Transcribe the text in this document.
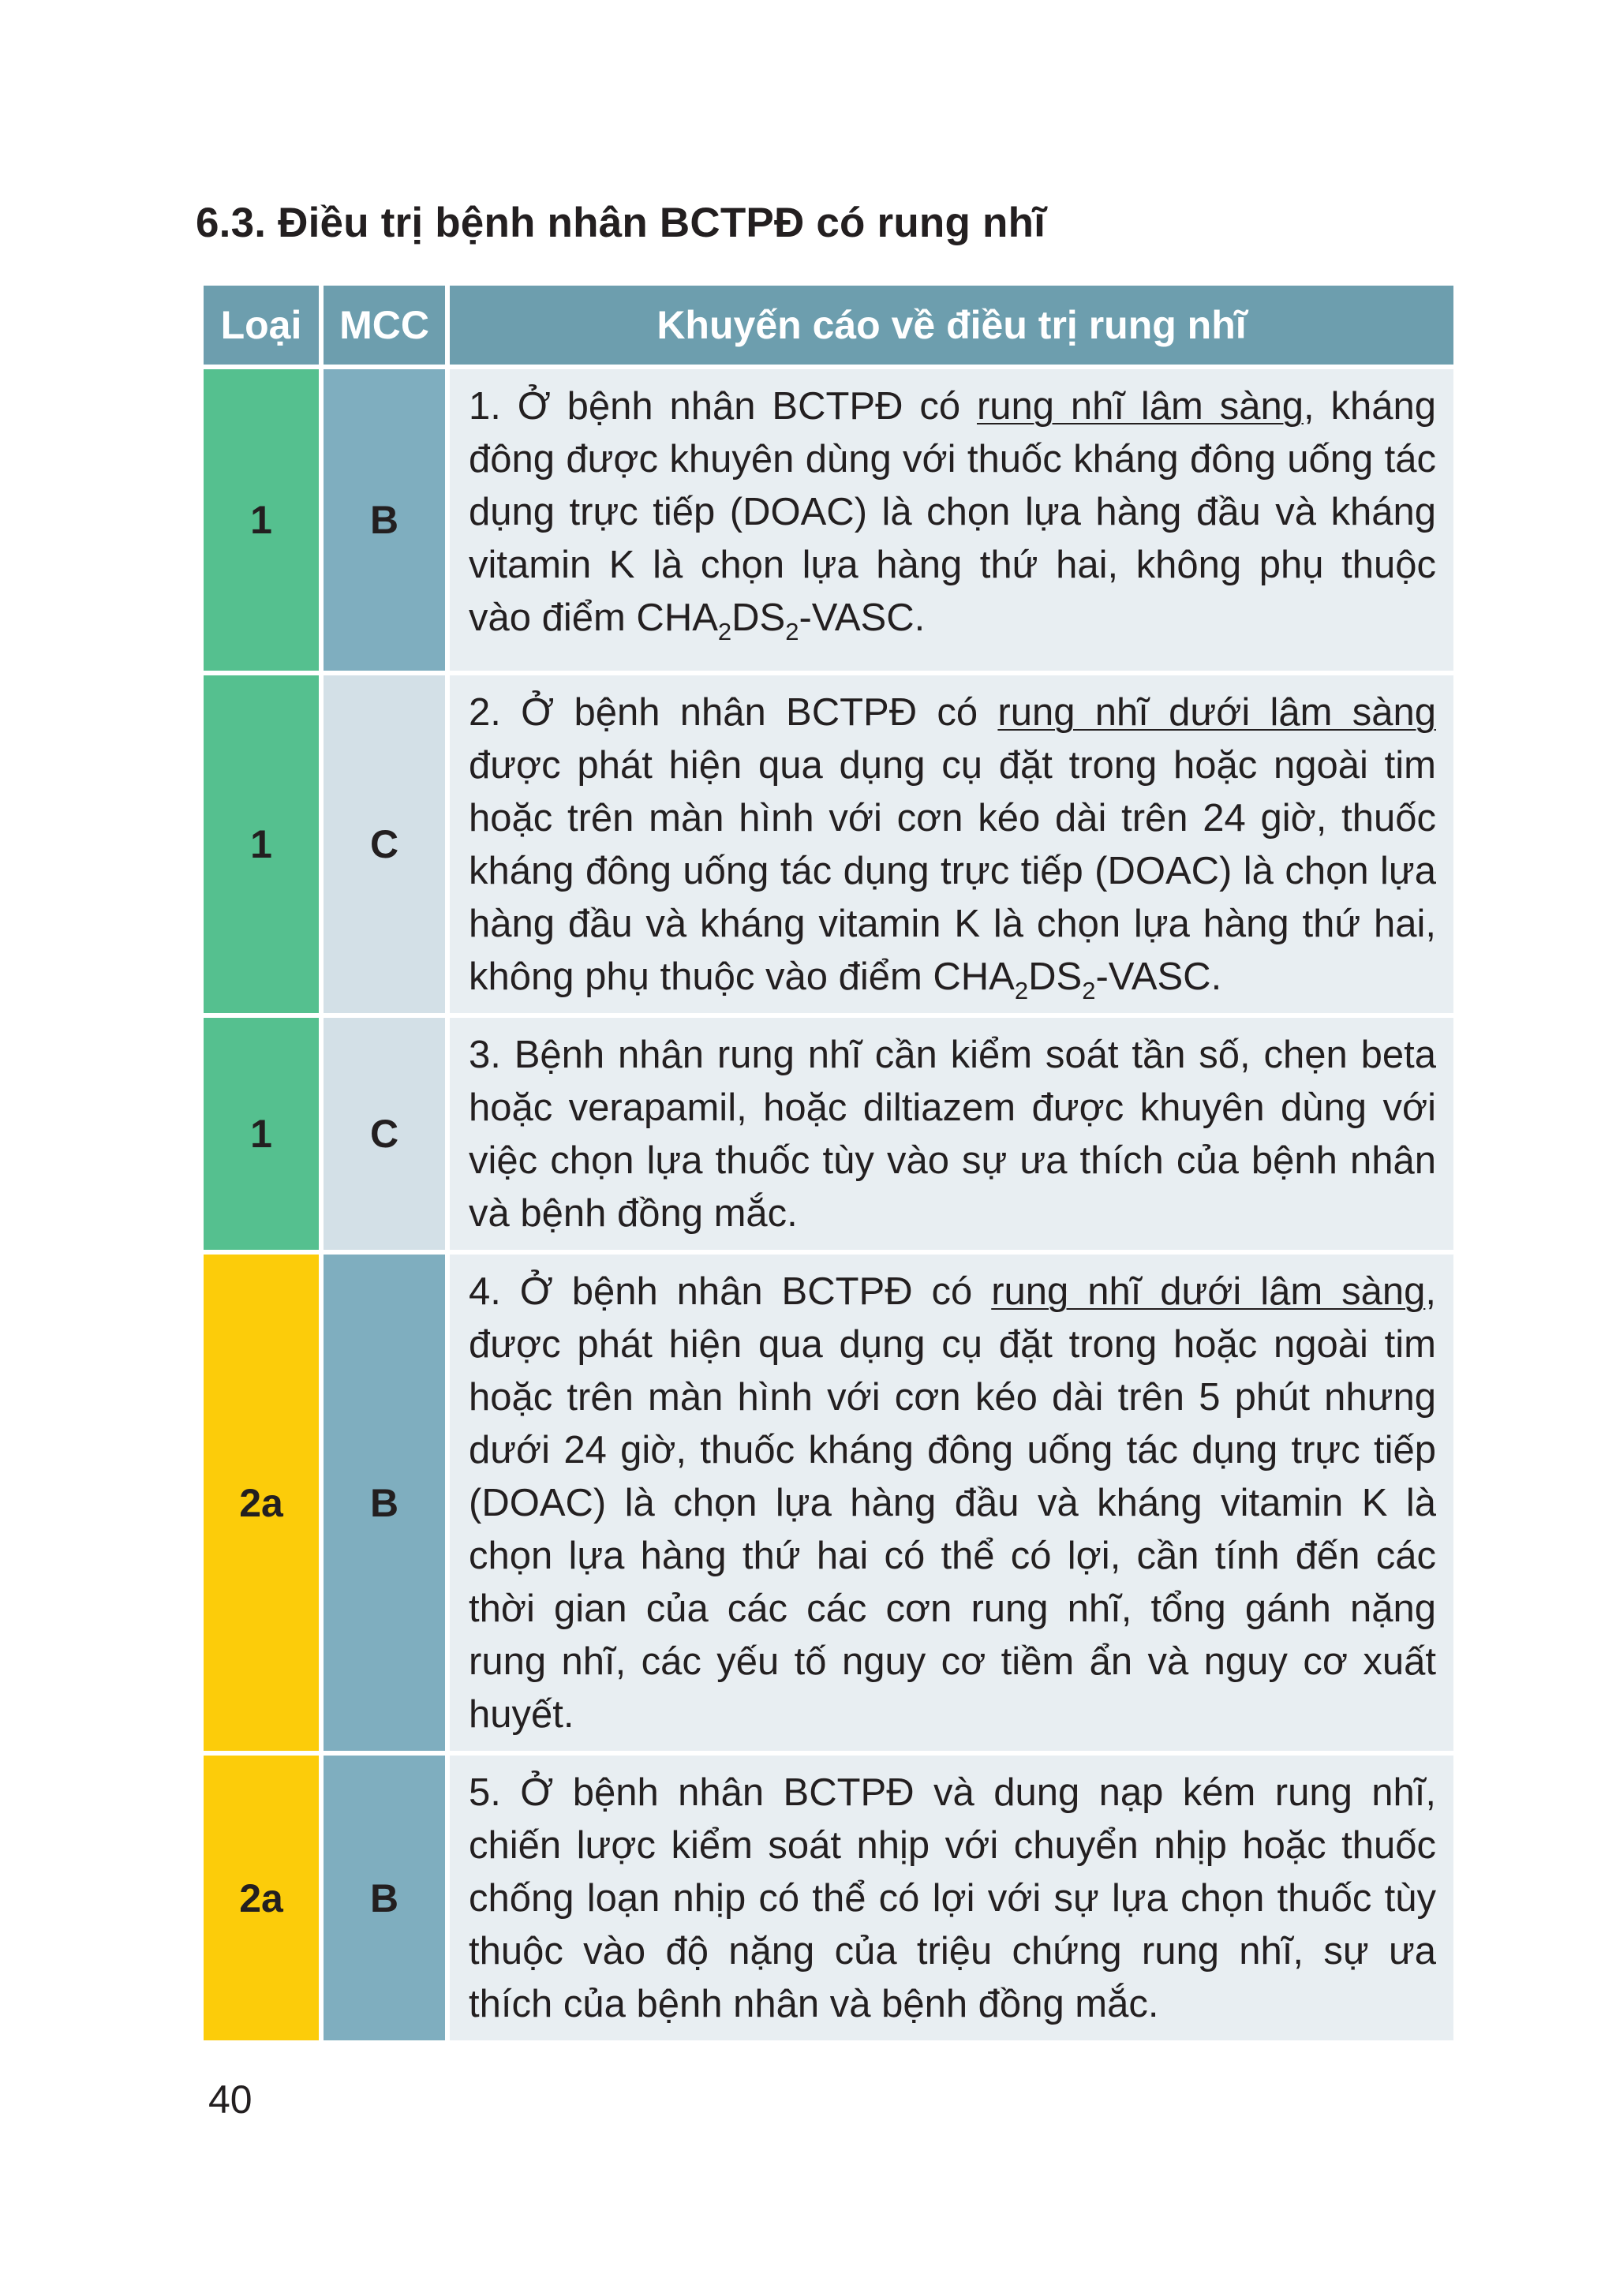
6.3. Điều trị bệnh nhân BCTPĐ có rung nhĩ
Loại	MCC	Khuyến cáo về điều trị rung nhĩ
1	B	1. Ở bệnh nhân BCTPĐ có rung nhĩ lâm sàng, kháng đông được khuyên dùng với thuốc kháng đông uống tác dụng trực tiếp (DOAC) là chọn lựa hàng đầu và kháng vitamin K là chọn lựa hàng thứ hai, không phụ thuộc vào điểm $CHA_2DS_2$-VASC.
1	C	2. Ở bệnh nhân BCTPĐ có rung nhĩ dưới lâm sàng được phát hiện qua dụng cụ đặt trong hoặc ngoài tim hoặc trên màn hình với cơn kéo dài trên 24 giờ, thuốc kháng đông uống tác dụng trực tiếp (DOAC) là chọn lựa hàng đầu và kháng vitamin K là chọn lựa hàng thứ hai, không phụ thuộc vào điểm $CHA_2DS_2$-VASC.
1	C	3. Bệnh nhân rung nhĩ cần kiểm soát tần số, chẹn beta hoặc verapamil, hoặc diltiazem được khuyên dùng với việc chọn lựa thuốc tùy vào sự ưa thích của bệnh nhân và bệnh đồng mắc.
2a	B	4. Ở bệnh nhân BCTPĐ có rung nhĩ dưới lâm sàng, được phát hiện qua dụng cụ đặt trong hoặc ngoài tim hoặc trên màn hình với cơn kéo dài trên 5 phút nhưng dưới 24 giờ, thuốc kháng đông uống tác dụng trực tiếp (DOAC) là chọn lựa hàng đầu và kháng vitamin K là chọn lựa hàng thứ hai có thể có lợi, cần tính đến các thời gian của các các cơn rung nhĩ, tổng gánh nặng rung nhĩ, các yếu tố nguy cơ tiềm ẩn và nguy cơ xuất huyết.
2a	B	5. Ở bệnh nhân BCTPĐ và dung nạp kém rung nhĩ, chiến lược kiểm soát nhịp với chuyển nhịp hoặc thuốc chống loạn nhịp có thể có lợi với sự lựa chọn thuốc tùy thuộc vào độ nặng của triệu chứng rung nhĩ, sự ưa thích của bệnh nhân và bệnh đồng mắc.
40
